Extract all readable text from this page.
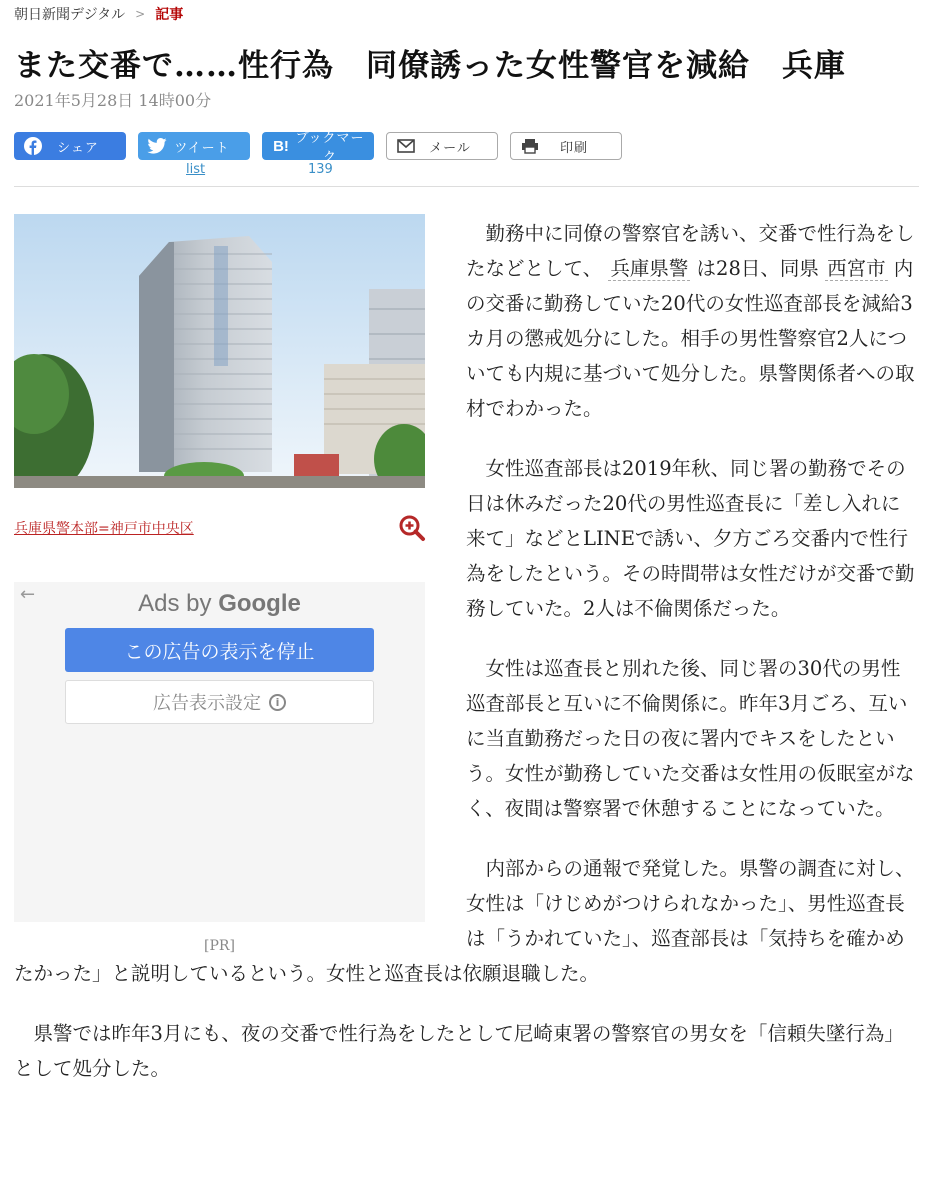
朝日新聞デジタル > 記事
また交番で……性行為　同僚誘った女性警官を減給　兵庫
2021年5月28日 14時00分
シェア	ツイート	B! ブックマーク
メール	印刷
list	139
兵庫県警本部=神戸市中央区
←	Ads by Google
この広告の表示を停止
広告表示設定	i
[PR]

勤務中に同僚の警察官を誘い、交番で性行為をしたなどとして、 兵庫県警 は28日、同県 西宮市 内の交番に勤務していた20代の女性巡査部長を減給3カ月の懲戒処分にした。相手の男性警察官2人についても内規に基づいて処分した。県警関係者への取材でわかった。

女性巡査部長は2019年秋、同じ署の勤務でその日は休みだった20代の男性巡査長に「差し入れに来て」などとLINEで誘い、夕方ごろ交番内で性行為をしたという。その時間帯は女性だけが交番で勤務していた。2人は不倫関係だった。

女性は巡査長と別れた後、同じ署の30代の男性巡査部長と互いに不倫関係に。昨年3月ごろ、互いに当直勤務だった日の夜に署内でキスをしたという。女性が勤務していた交番は女性用の仮眠室がなく、夜間は警察署で休憩することになっていた。

内部からの通報で発覚した。県警の調査に対し、女性は「けじめがつけられなかった」、男性巡査長は「うかれていた」、巡査部長は「気持ちを確かめたかった」と説明しているという。女性と巡査長は依願退職した。

県警では昨年3月にも、夜の交番で性行為をしたとして尼崎東署の警察官の男女を「信頼失墜行為」として処分した。
